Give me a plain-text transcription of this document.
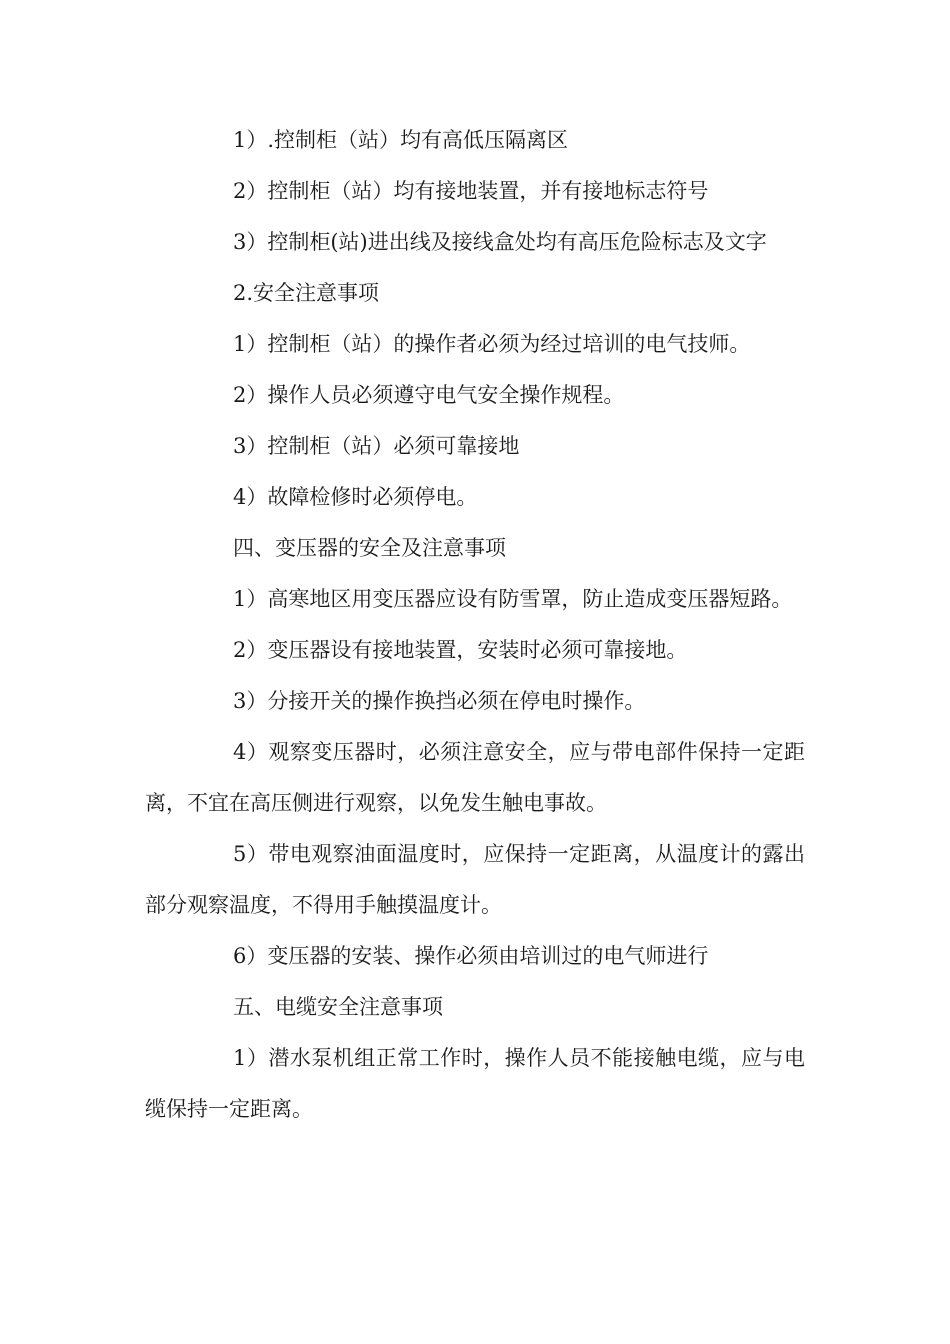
1）.控制柜（站）均有高低压隔离区

2）控制柜（站）均有接地装置，并有接地标志符号

3）控制柜(站)进出线及接线盒处均有高压危险标志及文字

2.安全注意事项

1）控制柜（站）的操作者必须为经过培训的电气技师。

2）操作人员必须遵守电气安全操作规程。

3）控制柜（站）必须可靠接地

4）故障检修时必须停电。

四、变压器的安全及注意事项

1）高寒地区用变压器应设有防雪罩，防止造成变压器短路。

2）变压器设有接地装置，安装时必须可靠接地。

3）分接开关的操作换挡必须在停电时操作。

4）观察变压器时，必须注意安全，应与带电部件保持一定距离，不宜在高压侧进行观察，以免发生触电事故。

5）带电观察油面温度时，应保持一定距离，从温度计的露出部分观察温度，不得用手触摸温度计。

6）变压器的安装、操作必须由培训过的电气师进行

五、电缆安全注意事项

1）潜水泵机组正常工作时，操作人员不能接触电缆，应与电缆保持一定距离。
